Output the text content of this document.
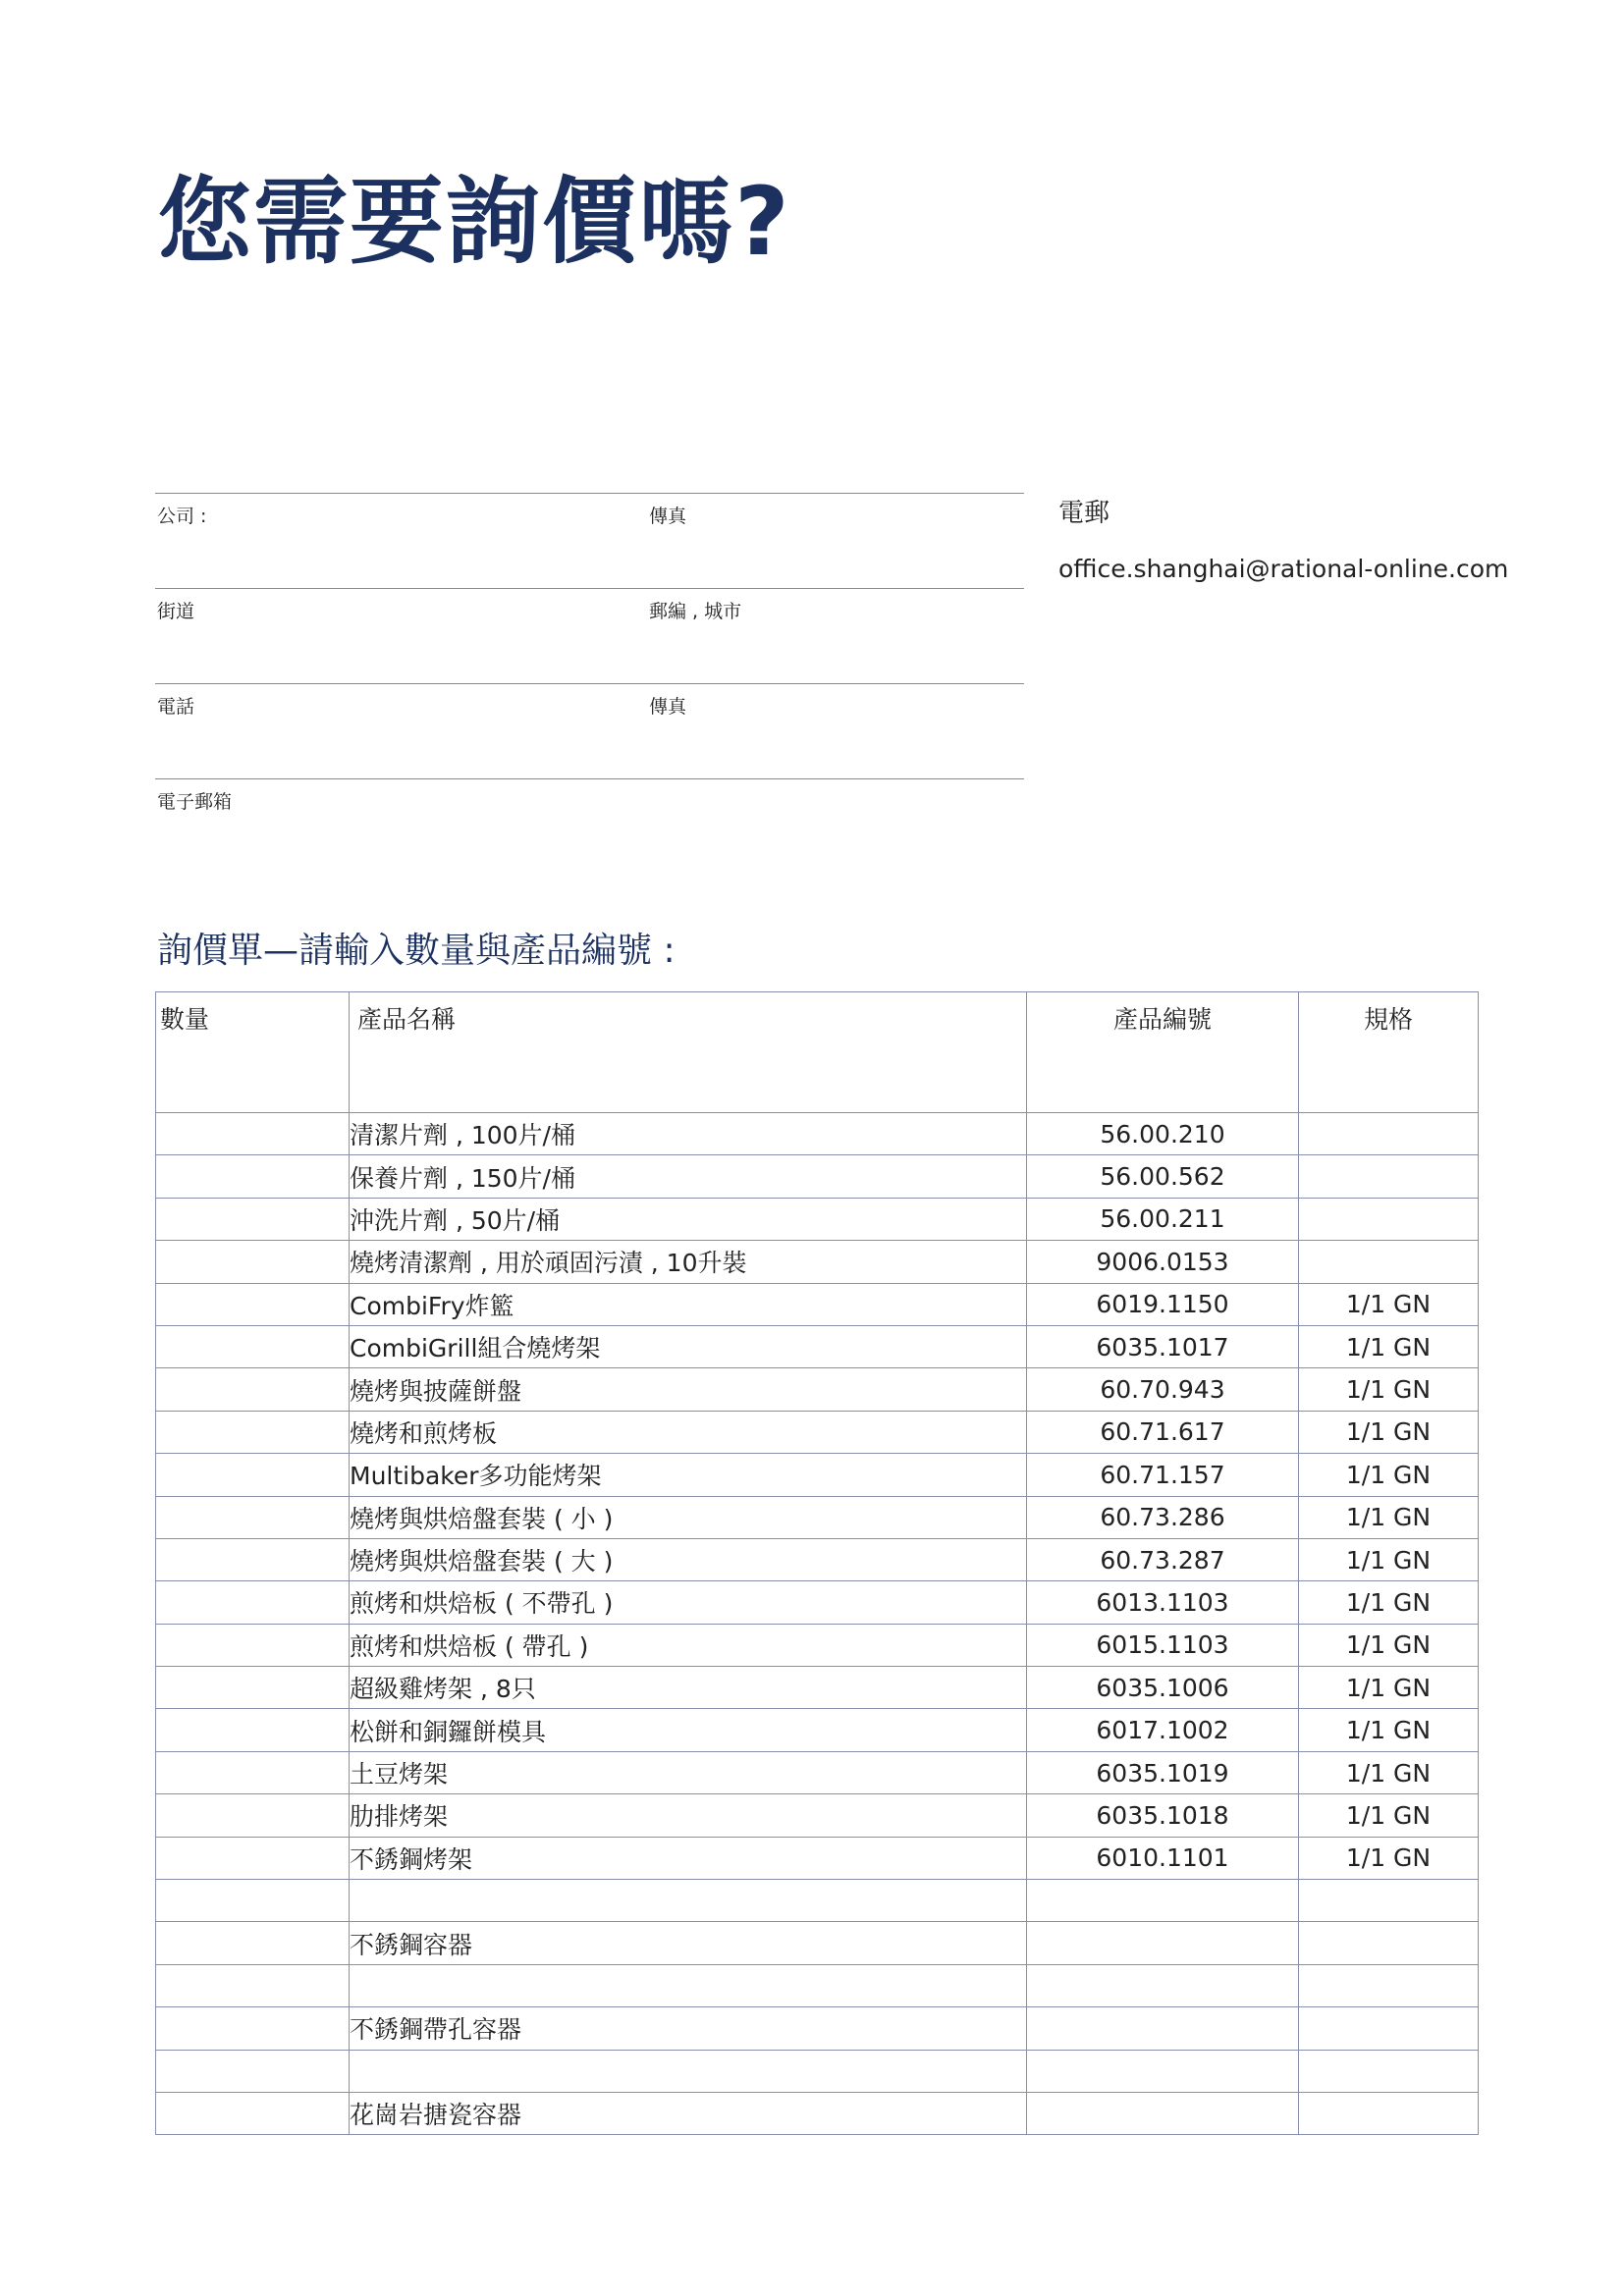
您需要詢價嗎?
公司 :	傳真
街道	郵編 , 城市
電話	傳真
電子郵箱

電郵

office.shanghai@rational-online.com

詢價單—請輸入數量與產品編號 :
數量	產品名稱	產品編號	規格
	清潔片劑 , 100片/桶	56.00.210	
	保養片劑 , 150片/桶	56.00.562	
	沖洗片劑 , 50片/桶	56.00.211	
	燒烤清潔劑 , 用於頑固污漬 , 10升裝	9006.0153	
	CombiFry炸籃	6019.1150	1/1 GN
	CombiGrill組合燒烤架	6035.1017	1/1 GN
	燒烤與披薩餅盤	60.70.943	1/1 GN
	燒烤和煎烤板	60.71.617	1/1 GN
	Multibaker多功能烤架	60.71.157	1/1 GN
	燒烤與烘焙盤套裝 ( 小 )	60.73.286	1/1 GN
	燒烤與烘焙盤套裝 ( 大 )	60.73.287	1/1 GN
	煎烤和烘焙板 ( 不帶孔 )	6013.1103	1/1 GN
	煎烤和烘焙板 ( 帶孔 )	6015.1103	1/1 GN
	超級雞烤架 , 8只	6035.1006	1/1 GN
	松餅和銅鑼餅模具	6017.1002	1/1 GN
	土豆烤架	6035.1019	1/1 GN
	肋排烤架	6035.1018	1/1 GN
	不銹鋼烤架	6010.1101	1/1 GN

	不銹鋼容器		

	不銹鋼帶孔容器		

	花崗岩搪瓷容器		
